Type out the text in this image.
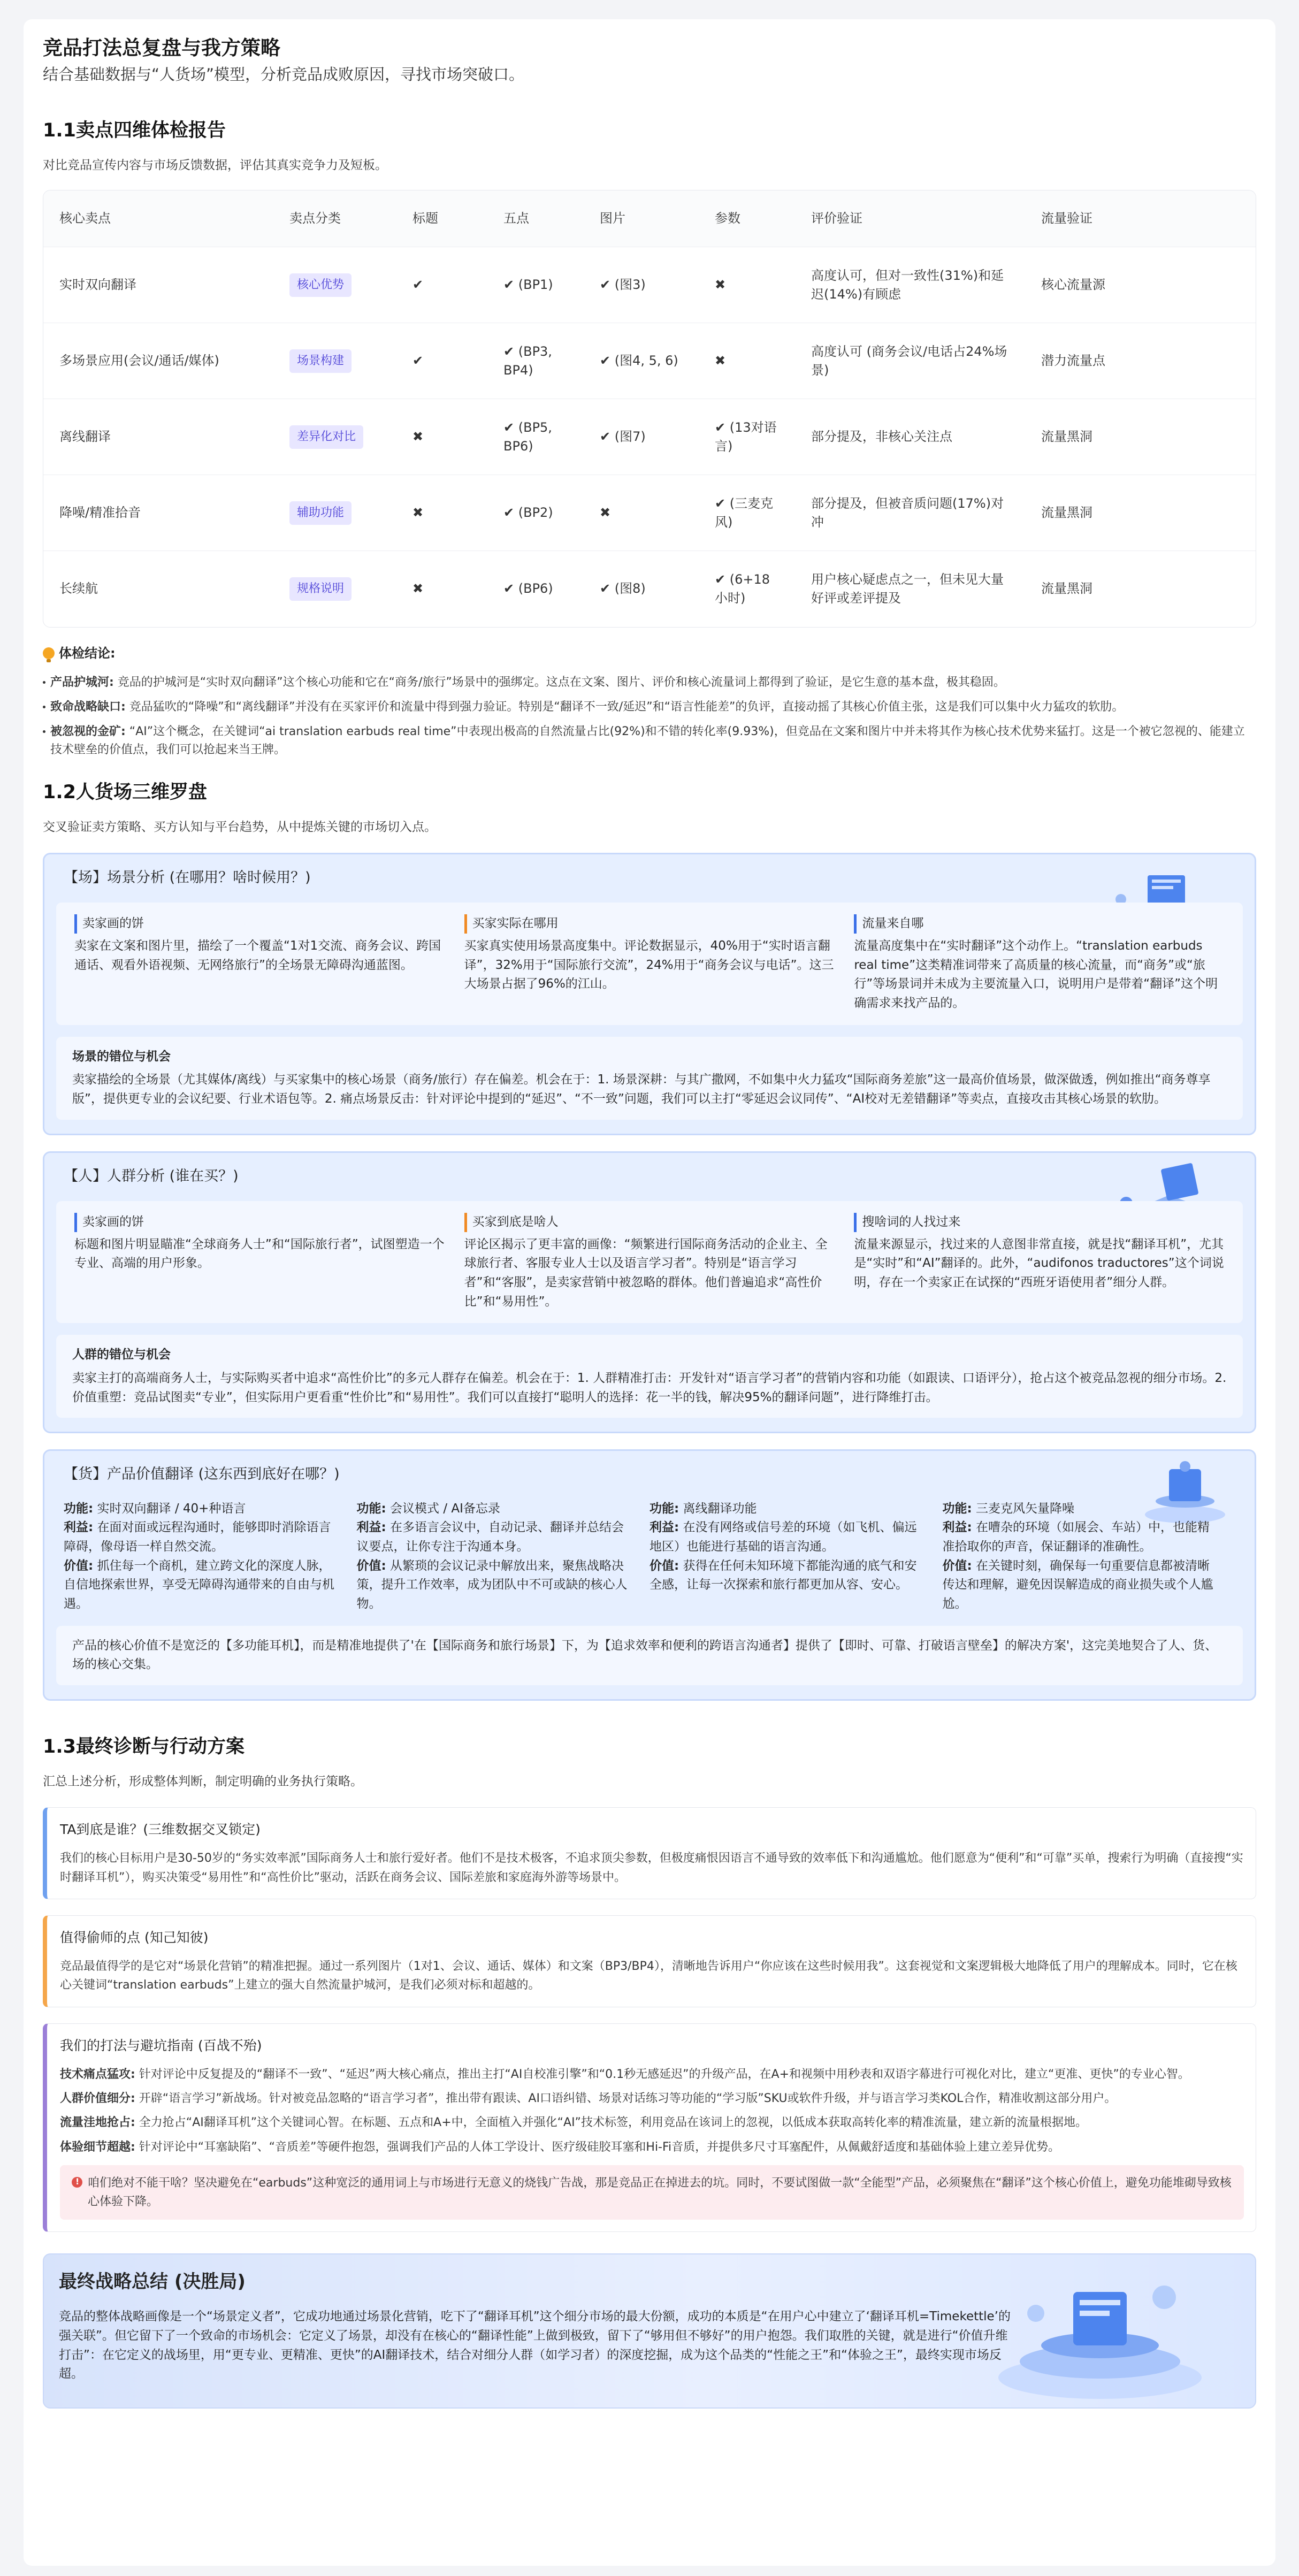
竞品打法总复盘与我方策略
结合基础数据与“人货场”模型，分析竞品成败原因，寻找市场突破口。
1.1卖点四维体检报告
对比竞品宣传内容与市场反馈数据，评估其真实竞争力及短板。
核心卖点	卖点分类	标题	五点	图片	参数	评价验证	流量验证
实时双向翻译	核心优势	✔	✔ (BP1)	✔ (图3)	✖	高度认可，但对一致性(31%)和延迟(14%)有顾虑	核心流量源
多场景应用(会议/通话/媒体)	场景构建	✔	✔ (BP3, BP4)	✔ (图4, 5, 6)	✖	高度认可 (商务会议/电话占24%场景)	潜力流量点
离线翻译	差异化对比	✖	✔ (BP5, BP6)	✔ (图7)	✔ (13对语言)	部分提及，非核心关注点	流量黑洞
降噪/精准拾音	辅助功能	✖	✔ (BP2)	✖	✔ (三麦克风)	部分提及，但被音质问题(17%)对冲	流量黑洞
长续航	规格说明	✖	✔ (BP6)	✔ (图8)	✔ (6+18小时)	用户核心疑虑点之一，但未见大量好评或差评提及	流量黑洞
体检结论:
产品护城河: 竞品的护城河是“实时双向翻译”这个核心功能和它在“商务/旅行”场景中的强绑定。这点在文案、图片、评价和核心流量词上都得到了验证，是它生意的基本盘，极其稳固。
致命战略缺口: 竞品猛吹的“降噪”和“离线翻译”并没有在买家评价和流量中得到强力验证。特别是“翻译不一致/延迟”和“语言性能差”的负评，直接动摇了其核心价值主张，这是我们可以集中火力猛攻的软肋。
被忽视的金矿: “AI”这个概念，在关键词“ai translation earbuds real time”中表现出极高的自然流量占比(92%)和不错的转化率(9.93%)，但竞品在文案和图片中并未将其作为核心技术优势来猛打。这是一个被它忽视的、能建立技术壁垒的价值点，我们可以抢起来当王牌。
1.2人货场三维罗盘
交叉验证卖方策略、买方认知与平台趋势，从中提炼关键的市场切入点。
【场】场景分析 (在哪用？啥时候用？)
卖家画的饼
卖家在文案和图片里，描绘了一个覆盖“1对1交流、商务会议、跨国通话、观看外语视频、无网络旅行”的全场景无障碍沟通蓝图。
买家实际在哪用
买家真实使用场景高度集中。评论数据显示，40%用于“实时语言翻译”，32%用于“国际旅行交流”，24%用于“商务会议与电话”。这三大场景占据了96%的江山。
流量来自哪
流量高度集中在“实时翻译”这个动作上。“translation earbuds real time”这类精准词带来了高质量的核心流量，而“商务”或“旅行”等场景词并未成为主要流量入口，说明用户是带着“翻译”这个明确需求来找产品的。
场景的错位与机会
卖家描绘的全场景（尤其媒体/离线）与买家集中的核心场景（商务/旅行）存在偏差。机会在于：1. 场景深耕：与其广撒网，不如集中火力猛攻“国际商务差旅”这一最高价值场景，做深做透，例如推出“商务尊享版”，提供更专业的会议纪要、行业术语包等。2. 痛点场景反击：针对评论中提到的“延迟”、“不一致”问题，我们可以主打“零延迟会议同传”、“AI校对无差错翻译”等卖点，直接攻击其核心场景的软肋。
【人】人群分析 (谁在买？)
卖家画的饼
标题和图片明显瞄准“全球商务人士”和“国际旅行者”，试图塑造一个专业、高端的用户形象。
买家到底是啥人
评论区揭示了更丰富的画像：“频繁进行国际商务活动的企业主、全球旅行者、客服专业人士以及语言学习者”。特别是“语言学习者”和“客服”，是卖家营销中被忽略的群体。他们普遍追求“高性价比”和“易用性”。
搜啥词的人找过来
流量来源显示，找过来的人意图非常直接，就是找“翻译耳机”，尤其是“实时”和“AI”翻译的。此外，“audifonos traductores”这个词说明，存在一个卖家正在试探的“西班牙语使用者”细分人群。
人群的错位与机会
卖家主打的高端商务人士，与实际购买者中追求“高性价比”的多元人群存在偏差。机会在于：1. 人群精准打击：开发针对“语言学习者”的营销内容和功能（如跟读、口语评分），抢占这个被竞品忽视的细分市场。2. 价值重塑：竞品试图卖“专业”，但实际用户更看重“性价比”和“易用性”。我们可以直接打“聪明人的选择：花一半的钱，解决95%的翻译问题”，进行降维打击。
【货】产品价值翻译 (这东西到底好在哪？)
功能: 实时双向翻译 / 40+种语言
利益: 在面对面或远程沟通时，能够即时消除语言障碍，像母语一样自然交流。
价值: 抓住每一个商机，建立跨文化的深度人脉，自信地探索世界，享受无障碍沟通带来的自由与机遇。
功能: 会议模式 / AI备忘录
利益: 在多语言会议中，自动记录、翻译并总结会议要点，让你专注于沟通本身。
价值: 从繁琐的会议记录中解放出来，聚焦战略决策，提升工作效率，成为团队中不可或缺的核心人物。
功能: 离线翻译功能
利益: 在没有网络或信号差的环境（如飞机、偏远地区）也能进行基础的语言沟通。
价值: 获得在任何未知环境下都能沟通的底气和安全感，让每一次探索和旅行都更加从容、安心。
功能: 三麦克风矢量降噪
利益: 在嘈杂的环境（如展会、车站）中，也能精准拾取你的声音，保证翻译的准确性。
价值: 在关键时刻，确保每一句重要信息都被清晰传达和理解，避免因误解造成的商业损失或个人尴尬。
产品的核心价值不是宽泛的【多功能耳机】，而是精准地提供了'在【国际商务和旅行场景】下，为【追求效率和便利的跨语言沟通者】提供了【即时、可靠、打破语言壁垒】的解决方案'，这完美地契合了人、货、场的核心交集。
1.3最终诊断与行动方案
汇总上述分析，形成整体判断，制定明确的业务执行策略。
TA到底是谁？(三维数据交叉锁定)

我们的核心目标用户是30-50岁的“务实效率派”国际商务人士和旅行爱好者。他们不是技术极客，不追求顶尖参数，但极度痛恨因语言不通导致的效率低下和沟通尴尬。他们愿意为“便利”和“可靠”买单，搜索行为明确（直接搜“实时翻译耳机”），购买决策受“易用性”和“高性价比”驱动，活跃在商务会议、国际差旅和家庭海外游等场景中。

值得偷师的点 (知己知彼)

竞品最值得学的是它对“场景化营销”的精准把握。通过一系列图片（1对1、会议、通话、媒体）和文案（BP3/BP4），清晰地告诉用户“你应该在这些时候用我”。这套视觉和文案逻辑极大地降低了用户的理解成本。同时，它在核心关键词“translation earbuds”上建立的强大自然流量护城河，是我们必须对标和超越的。

我们的打法与避坑指南 (百战不殆)

技术痛点猛攻: 针对评论中反复提及的“翻译不一致”、“延迟”两大核心痛点，推出主打“AI自校准引擎”和“0.1秒无感延迟”的升级产品，在A+和视频中用秒表和双语字幕进行可视化对比，建立“更准、更快”的专业心智。

人群价值细分: 开辟“语言学习”新战场。针对被竞品忽略的“语言学习者”，推出带有跟读、AI口语纠错、场景对话练习等功能的“学习版”SKU或软件升级，并与语言学习类KOL合作，精准收割这部分用户。

流量洼地抢占: 全力抢占“AI翻译耳机”这个关键词心智。在标题、五点和A+中，全面植入并强化“AI”技术标签，利用竞品在该词上的忽视，以低成本获取高转化率的精准流量，建立新的流量根据地。

体验细节超越: 针对评论中“耳塞缺陷”、“音质差”等硬件抱怨，强调我们产品的人体工学设计、医疗级硅胶耳塞和Hi-Fi音质，并提供多尺寸耳塞配件，从佩戴舒适度和基础体验上建立差异优势。

!
咱们绝对不能干啥？坚决避免在“earbuds”这种宽泛的通用词上与市场进行无意义的烧钱广告战，那是竞品正在掉进去的坑。同时，不要试图做一款“全能型”产品，必须聚焦在“翻译”这个核心价值上，避免功能堆砌导致核心体验下降。
最终战略总结 (决胜局)

竞品的整体战略画像是一个“场景定义者”，它成功地通过场景化营销，吃下了“翻译耳机”这个细分市场的最大份额，成功的本质是“在用户心中建立了‘翻译耳机=Timekettle’的强关联”。但它留下了一个致命的市场机会：它定义了场景，却没有在核心的“翻译性能”上做到极致，留下了“够用但不够好”的用户抱怨。我们取胜的关键，就是进行“价值升维打击”：在它定义的战场里，用“更专业、更精准、更快”的AI翻译技术，结合对细分人群（如学习者）的深度挖掘，成为这个品类的“性能之王”和“体验之王”，最终实现市场反超。
